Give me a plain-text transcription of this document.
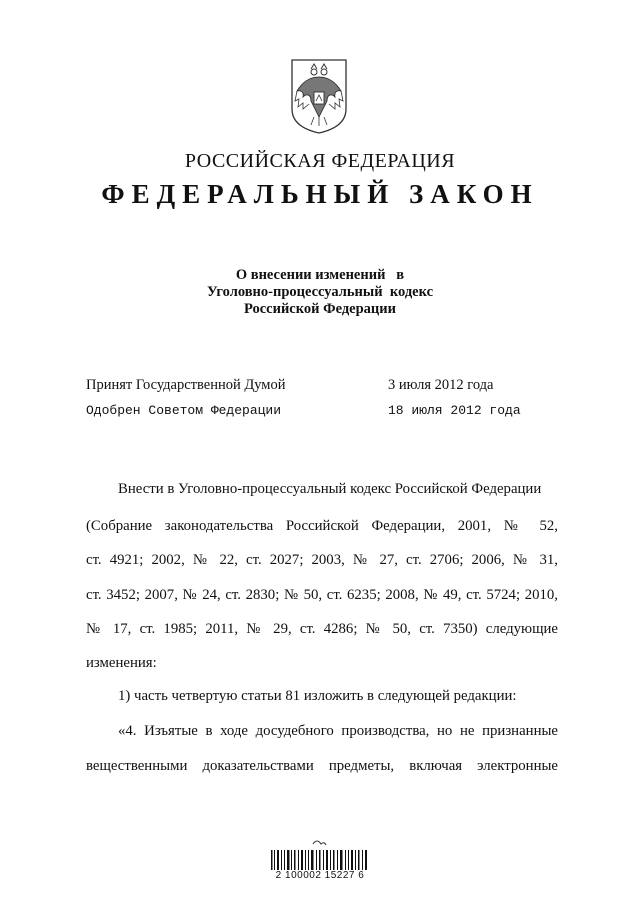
РОССИЙСКАЯ ФЕДЕРАЦИЯ
ФЕДЕРАЛЬНЫЙ ЗАКОН
О внесении изменений   в
Уголовно-процессуальный  кодекс
Российской Федерации
Принят Государственной Думой	3 июля 2012 года
Одобрен Советом Федерации	18 июля 2012 года
Внести в Уголовно-процессуальный кодекс Российской Федерации
(Собрание законодательства Российской Федерации, 2001, № 52,
ст. 4921; 2002, № 22, ст. 2027; 2003, № 27, ст. 2706; 2006, № 31,
ст. 3452; 2007, № 24, ст. 2830; № 50, ст. 6235; 2008, № 49, ст. 5724; 2010,
№ 17, ст. 1985; 2011, № 29, ст. 4286; № 50, ст. 7350) следующие
изменения:
1) часть четвертую статьи 81 изложить в следующей редакции:
«4. Изъятые в ходе досудебного производства, но не признанные
вещественными доказательствами предметы, включая электронные
2 100002 15227 6
